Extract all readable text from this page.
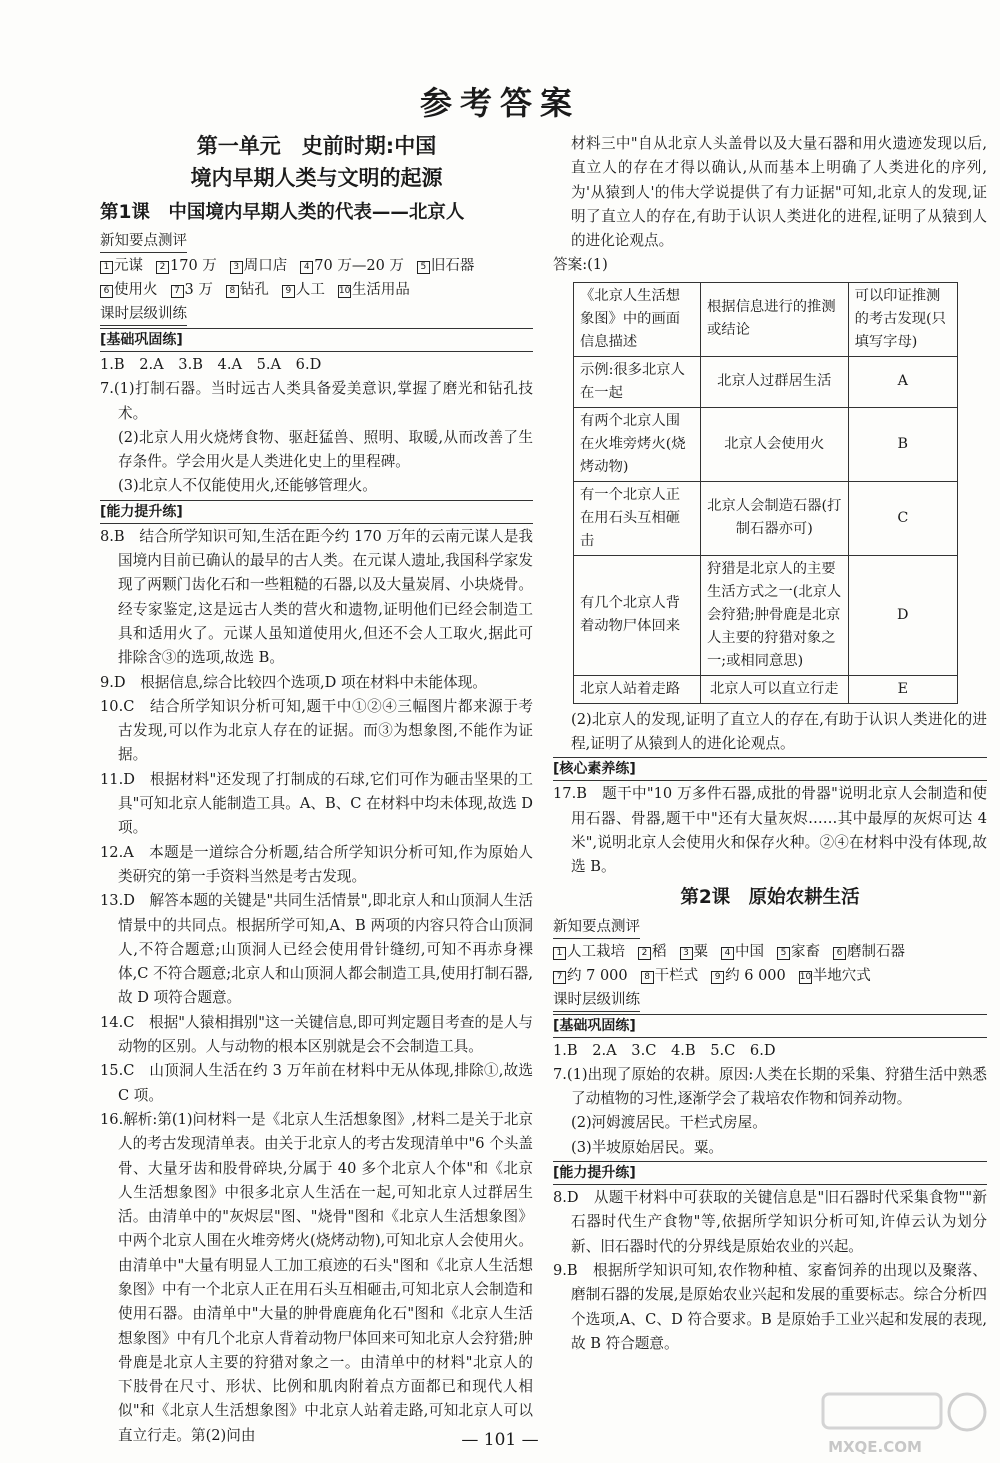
参考答案
第一单元　史前时期:中国
境内早期人类与文明的起源
第1课　中国境内早期人类的代表——北京人
新知要点测评
1 元谋	2 170 万	3 周口店	4 70 万—20 万	5 旧石器
6 使用火	7 3 万	8 钻孔	9 人工 10 生活用品
课时层级训练
[基础巩固练]

1.B　2.A　3.B　4.A　5.A　6.D

7.(1)打制石器。当时远古人类具备爱美意识,掌握了磨光和钻孔技术。

(2)北京人用火烧烤食物、驱赶猛兽、照明、取暖,从而改善了生存条件。学会用火是人类进化史上的里程碑。

(3)北京人不仅能使用火,还能够管理火。

[能力提升练]

8.B　结合所学知识可知,生活在距今约 170 万年的云南元谋人是我国境内目前已确认的最早的古人类。在元谋人遗址,我国科学家发现了两颗门齿化石和一些粗糙的石器,以及大量炭屑、小块烧骨。经专家鉴定,这是远古人类的营火和遗物,证明他们已经会制造工具和适用火了。元谋人虽知道使用火,但还不会人工取火,据此可排除含③的选项,故选 B。

9.D　根据信息,综合比较四个选项,D 项在材料中未能体现。

10.C　结合所学知识分析可知,题干中①②④三幅图片都来源于考古发现,可以作为北京人存在的证据。而③为想象图,不能作为证据。

11.D　根据材料"还发现了打制成的石球,它们可作为砸击坚果的工具"可知北京人能制造工具。A、B、C 在材料中均未体现,故选 D 项。

12.A　本题是一道综合分析题,结合所学知识分析可知,作为原始人类研究的第一手资料当然是考古发现。

13.D　解答本题的关键是"共同生活情景",即北京人和山顶洞人生活情景中的共同点。根据所学可知,A、B 两项的内容只符合山顶洞人,不符合题意;山顶洞人已经会使用骨针缝纫,可知不再赤身裸体,C 不符合题意;北京人和山顶洞人都会制造工具,使用打制石器,故 D 项符合题意。

14.C　根据"人猿相揖别"这一关键信息,即可判定题目考查的是人与动物的区别。人与动物的根本区别就是会不会制造工具。

15.C　山顶洞人生活在约 3 万年前在材料中无从体现,排除①,故选 C 项。

16.解析:第(1)问材料一是《北京人生活想象图》,材料二是关于北京人的考古发现清单表。由关于北京人的考古发现清单中"6 个头盖骨、大量牙齿和股骨碎块,分属于 40 多个北京人个体"和《北京人生活想象图》中很多北京人生活在一起,可知北京人过群居生活。由清单中的"灰烬层"图、"烧骨"图和《北京人生活想象图》中两个北京人围在火堆旁烤火(烧烤动物),可知北京人会使用火。由清单中"大量有明显人工加工痕迹的石头"图和《北京人生活想象图》中有一个北京人正在用石头互相砸击,可知北京人会制造和使用石器。由清单中"大量的肿骨鹿鹿角化石"图和《北京人生活想象图》中有几个北京人背着动物尸体回来可知北京人会狩猎;肿骨鹿是北京人主要的狩猎对象之一。由清单中的材料"北京人的下肢骨在尺寸、形状、比例和肌肉附着点方面都已和现代人相似"和《北京人生活想象图》中北京人站着走路,可知北京人可以直立行走。第(2)问由

材料三中"自从北京人头盖骨以及大量石器和用火遗迹发现以后,直立人的存在才得以确认,从而基本上明确了人类进化的序列,为'从猿到人'的伟大学说提供了有力证据"可知,北京人的发现,证明了直立人的存在,有助于认识人类进化的进程,证明了从猿到人的进化论观点。

答案:(1)

《北京人生活想象图》中的画面信息描述	根据信息进行的推测或结论	可以印证推测的考古发现(只填写字母)
示例:很多北京人在一起	北京人过群居生活	A
有两个北京人围在火堆旁烤火(烧烤动物)	北京人会使用火	B
有一个北京人正在用石头互相砸击	北京人会制造石器(打制石器亦可)	C
有几个北京人背着动物尸体回来	狩猎是北京人的主要生活方式之一(北京人会狩猎;肿骨鹿是北京人主要的狩猎对象之一;或相同意思)	D
北京人站着走路	北京人可以直立行走	E

(2)北京人的发现,证明了直立人的存在,有助于认识人类进化的进程,证明了从猿到人的进化论观点。

[核心素养练]

17.B　题干中"10 万多件石器,成批的骨器"说明北京人会制造和使用石器、骨器,题干中"还有大量灰烬……其中最厚的灰烬可达 4 米",说明北京人会使用火和保存火种。②④在材料中没有体现,故选 B。

第2课　原始农耕生活
新知要点测评
1 人工栽培	2 稻	3 粟	4 中国	5 家畜	6 磨制石器
7 约 7 000	8 干栏式	9 约 6 000 10 半地穴式
课时层级训练
[基础巩固练]

1.B　2.A　3.C　4.B　5.C　6.D

7.(1)出现了原始的农耕。原因:人类在长期的采集、狩猎生活中熟悉了动植物的习性,逐渐学会了栽培农作物和饲养动物。

(2)河姆渡居民。干栏式房屋。

(3)半坡原始居民。粟。

[能力提升练]

8.D　从题干材料中可获取的关键信息是"旧石器时代采集食物""新石器时代生产食物"等,依据所学知识分析可知,许倬云认为划分新、旧石器时代的分界线是原始农业的兴起。

9.B　根据所学知识可知,农作物种植、家畜饲养的出现以及聚落、磨制石器的发展,是原始农业兴起和发展的重要标志。综合分析四个选项,A、C、D 符合要求。B 是原始手工业兴起和发展的表现,故 B 符合题意。

— 101 —	MXQE.COM
